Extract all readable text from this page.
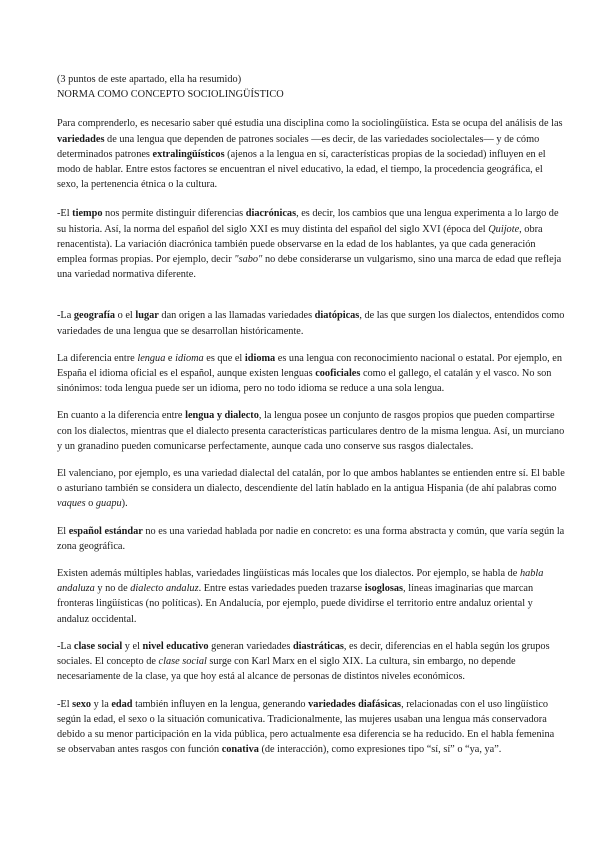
(3 puntos de este apartado, ella ha resumido)

NORMA COMO CONCEPTO SOCIOLINGÜÍSTICO

Para comprenderlo, es necesario saber qué estudia una disciplina como la sociolingüística. Esta se ocupa del análisis de las variedades de una lengua que dependen de patrones sociales —es decir, de las variedades sociolectales— y de cómo determinados patrones extralingüísticos (ajenos a la lengua en sí, características propias de la sociedad) influyen en el modo de hablar. Entre estos factores se encuentran el nivel educativo, la edad, el tiempo, la procedencia geográfica, el sexo, la pertenencia étnica o la cultura.

-El tiempo nos permite distinguir diferencias diacrónicas, es decir, los cambios que una lengua experimenta a lo largo de su historia. Así, la norma del español del siglo XXI es muy distinta del español del siglo XVI (época del Quijote, obra renacentista). La variación diacrónica también puede observarse en la edad de los hablantes, ya que cada generación emplea formas propias. Por ejemplo, decir "sabo" no debe considerarse un vulgarismo, sino una marca de edad que refleja una variedad normativa diferente.

-La geografía o el lugar dan origen a las llamadas variedades diatópicas, de las que surgen los dialectos, entendidos como variedades de una lengua que se desarrollan históricamente.

La diferencia entre lengua e idioma es que el idioma es una lengua con reconocimiento nacional o estatal. Por ejemplo, en España el idioma oficial es el español, aunque existen lenguas cooficiales como el gallego, el catalán y el vasco. No son sinónimos: toda lengua puede ser un idioma, pero no todo idioma se reduce a una sola lengua.

En cuanto a la diferencia entre lengua y dialecto, la lengua posee un conjunto de rasgos propios que pueden compartirse con los dialectos, mientras que el dialecto presenta características particulares dentro de la misma lengua. Así, un murciano y un granadino pueden comunicarse perfectamente, aunque cada uno conserve sus rasgos dialectales.

El valenciano, por ejemplo, es una variedad dialectal del catalán, por lo que ambos hablantes se entienden entre sí. El bable o asturiano también se considera un dialecto, descendiente del latín hablado en la antigua Hispania (de ahí palabras como vaques o guapu).

El español estándar no es una variedad hablada por nadie en concreto: es una forma abstracta y común, que varía según la zona geográfica.

Existen además múltiples hablas, variedades lingüísticas más locales que los dialectos. Por ejemplo, se habla de habla andaluza y no de dialecto andaluz. Entre estas variedades pueden trazarse isoglosas, líneas imaginarias que marcan fronteras lingüísticas (no políticas). En Andalucía, por ejemplo, puede dividirse el territorio entre andaluz oriental y andaluz occidental.

-La clase social y el nivel educativo generan variedades diastráticas, es decir, diferencias en el habla según los grupos sociales. El concepto de clase social surge con Karl Marx en el siglo XIX. La cultura, sin embargo, no depende necesariamente de la clase, ya que hoy está al alcance de personas de distintos niveles económicos.

-El sexo y la edad también influyen en la lengua, generando variedades diafásicas, relacionadas con el uso lingüístico según la edad, el sexo o la situación comunicativa. Tradicionalmente, las mujeres usaban una lengua más conservadora debido a su menor participación en la vida pública, pero actualmente esa diferencia se ha reducido. En el habla femenina se observaban antes rasgos con función conativa (de interacción), como expresiones tipo “sí, sí” o “ya, ya”.
